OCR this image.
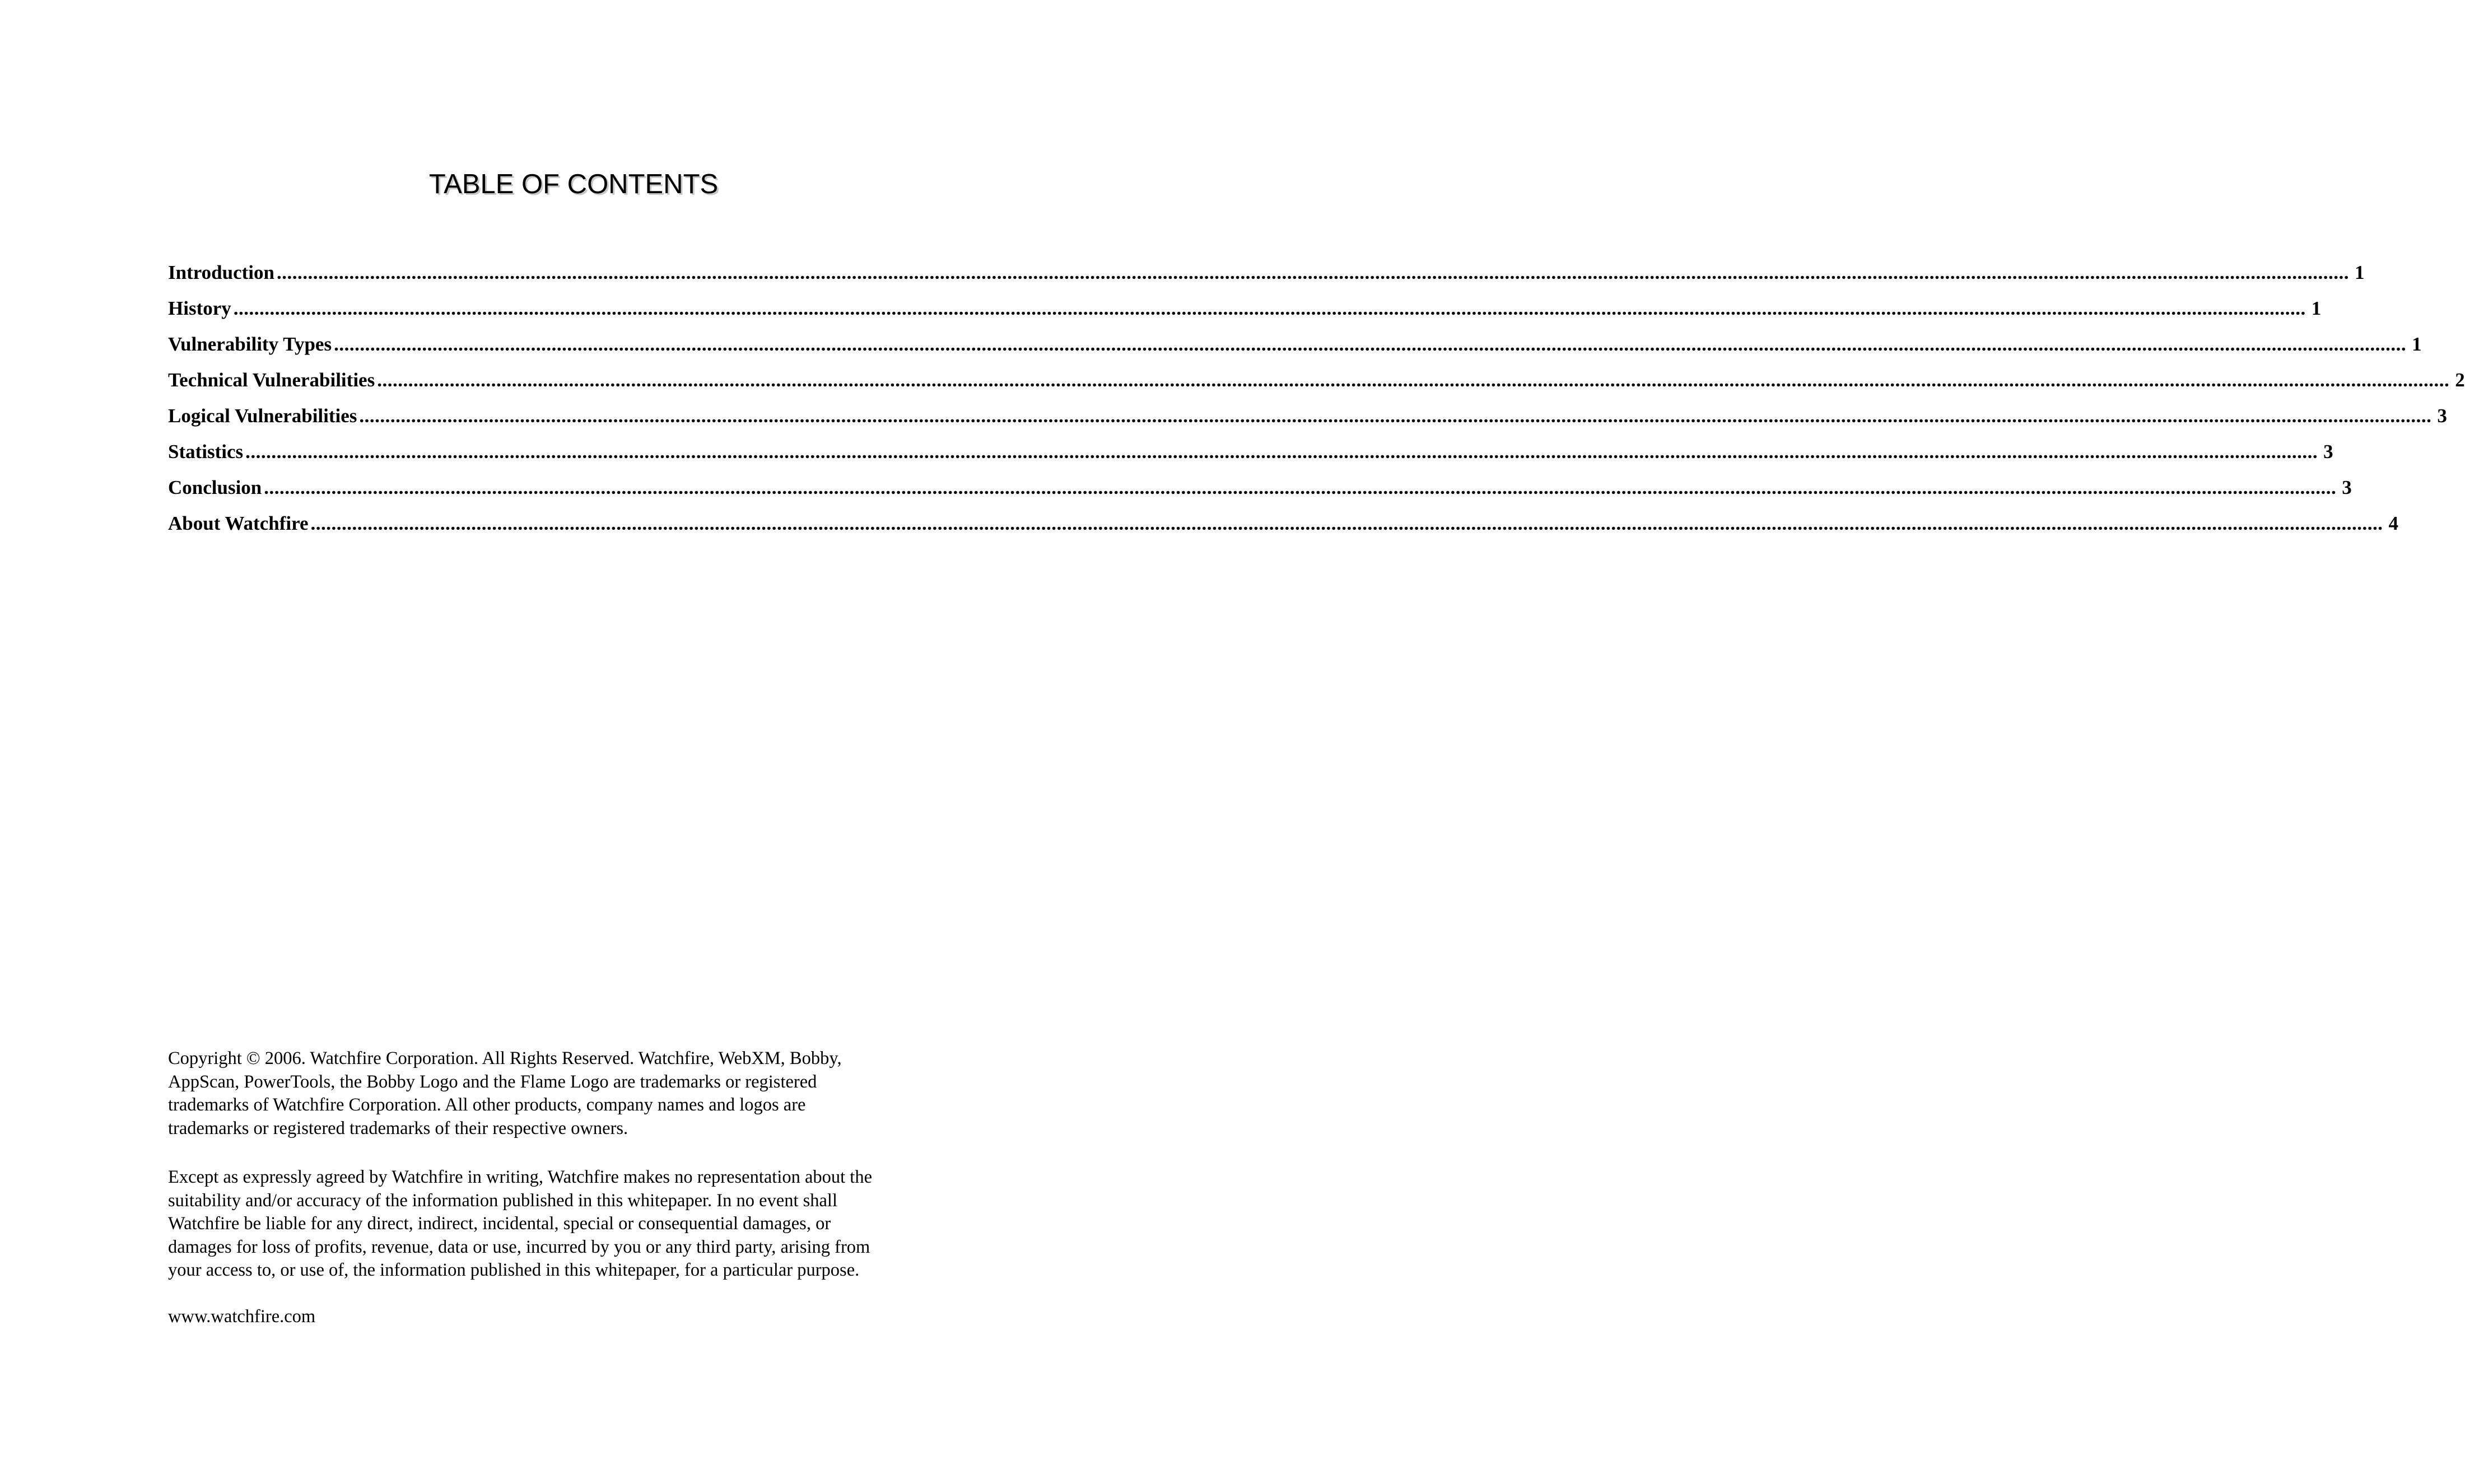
TABLE OF CONTENTS
Introduction ................................................................................................................................................................................................................................................................................................................................................................................................................ 1
History ................................................................................................................................................................................................................................................................................................................................................................................................................ 1
Vulnerability Types ................................................................................................................................................................................................................................................................................................................................................................................................................ 1
Technical Vulnerabilities ................................................................................................................................................................................................................................................................................................................................................................................................................ 2
Logical Vulnerabilities ................................................................................................................................................................................................................................................................................................................................................................................................................ 3
Statistics ................................................................................................................................................................................................................................................................................................................................................................................................................ 3
Conclusion ................................................................................................................................................................................................................................................................................................................................................................................................................ 3
About Watchfire ................................................................................................................................................................................................................................................................................................................................................................................................................ 4

Copyright © 2006. Watchfire Corporation. All Rights Reserved. Watchfire, WebXM, Bobby,

AppScan, PowerTools, the Bobby Logo and the Flame Logo are trademarks or registered

trademarks of Watchfire Corporation. All other products, company names and logos are

trademarks or registered trademarks of their respective owners.

Except as expressly agreed by Watchfire in writing, Watchfire makes no representation about the

suitability and/or accuracy of the information published in this whitepaper. In no event shall

Watchfire be liable for any direct, indirect, incidental, special or consequential damages, or

damages for loss of profits, revenue, data or use, incurred by you or any third party, arising from

your access to, or use of, the information published in this whitepaper, for a particular purpose.

www.watchfire.com
